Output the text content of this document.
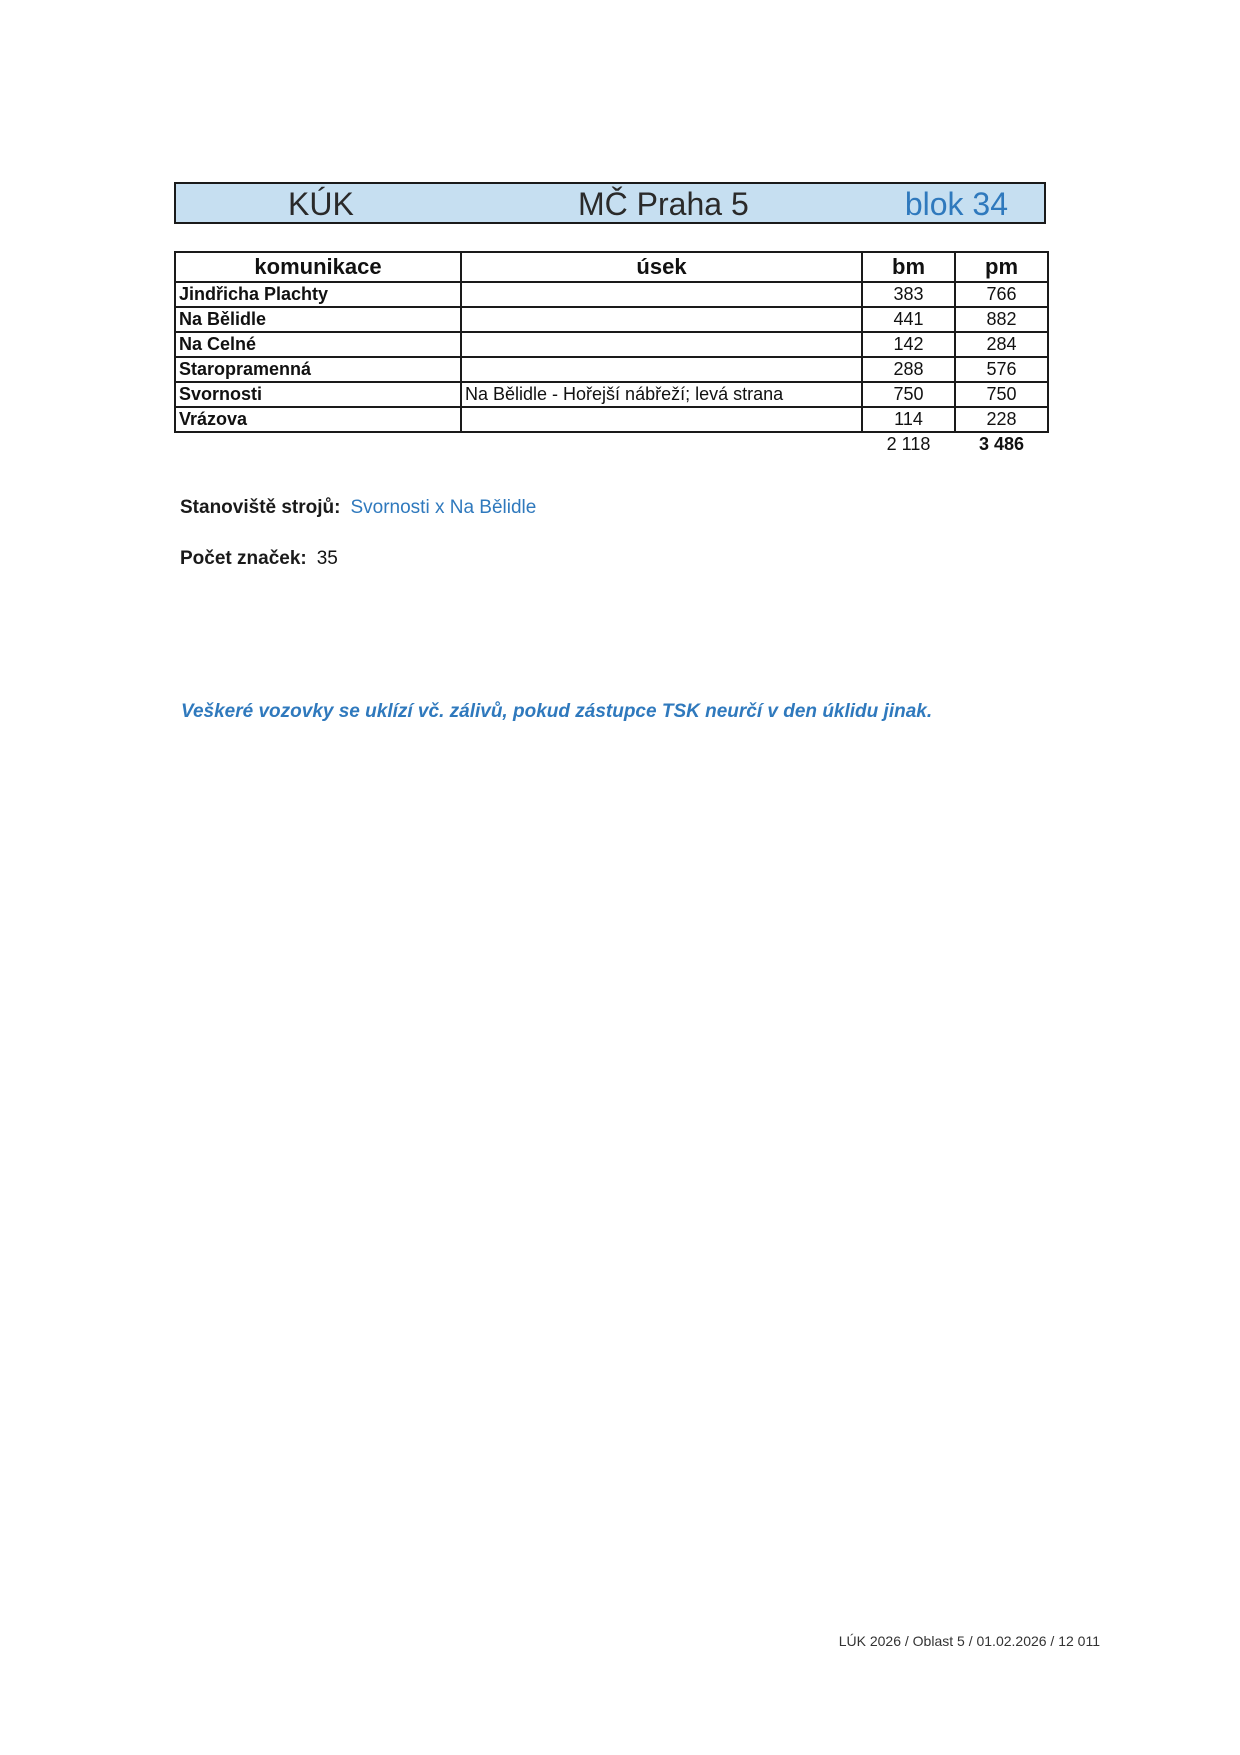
KÚK	MČ Praha 5	blok 34
komunikace	úsek	bm	pm
Jindřicha Plachty		383	766
Na Bělidle		441	882
Na Celné		142	284
Staropramenná		288	576
Svornosti	Na Bělidle - Hořejší nábřeží; levá strana	750	750
Vrázova		114	228
		2 118	3 486
Stanoviště strojů: Svornosti x Na Bělidle
Počet značek: 35
Veškeré vozovky se uklízí vč. zálivů, pokud zástupce TSK neurčí v den úklidu jinak.
LÚK 2026 / Oblast 5 / 01.02.2026 / 12 011
